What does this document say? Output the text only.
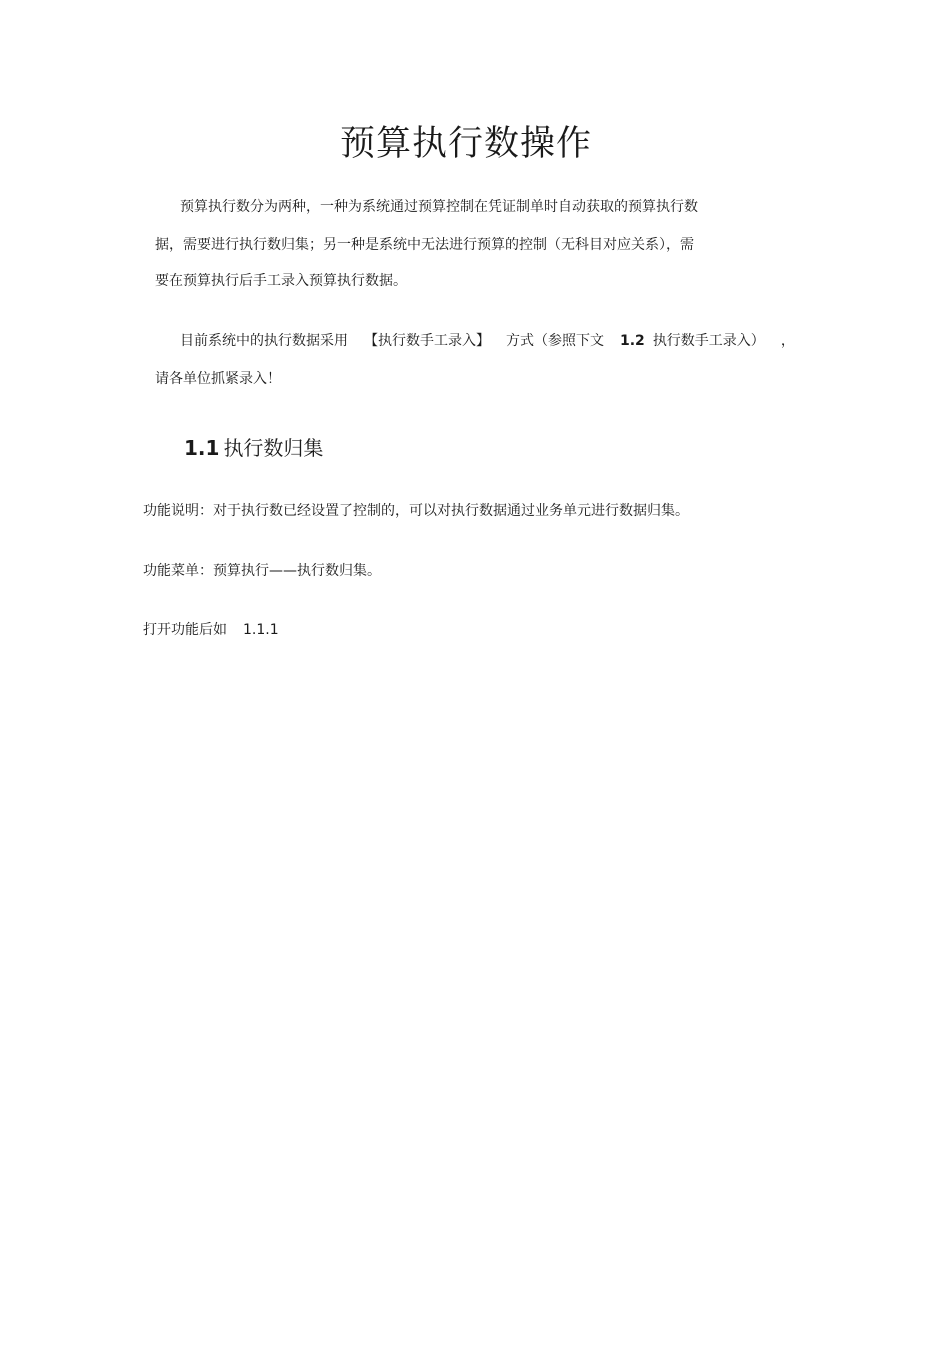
预算执行数操作

预算执行数分为两种，一种为系统通过预算控制在凭证制单时自动获取的预算执行数

据，需要进行执行数归集；另一种是系统中无法进行预算的控制（无科目对应关系），需

要在预算执行后手工录入预算执行数据。

目前系统中的执行数据采用 【执行数手工录入】 方式（参照下文 1.2 执行数手工录入） ，

请各单位抓紧录入！

1.1 执行数归集

功能说明：对于执行数已经设置了控制的，可以对执行数据通过业务单元进行数据归集。

功能菜单：预算执行——执行数归集。

打开功能后如 1.1.1
